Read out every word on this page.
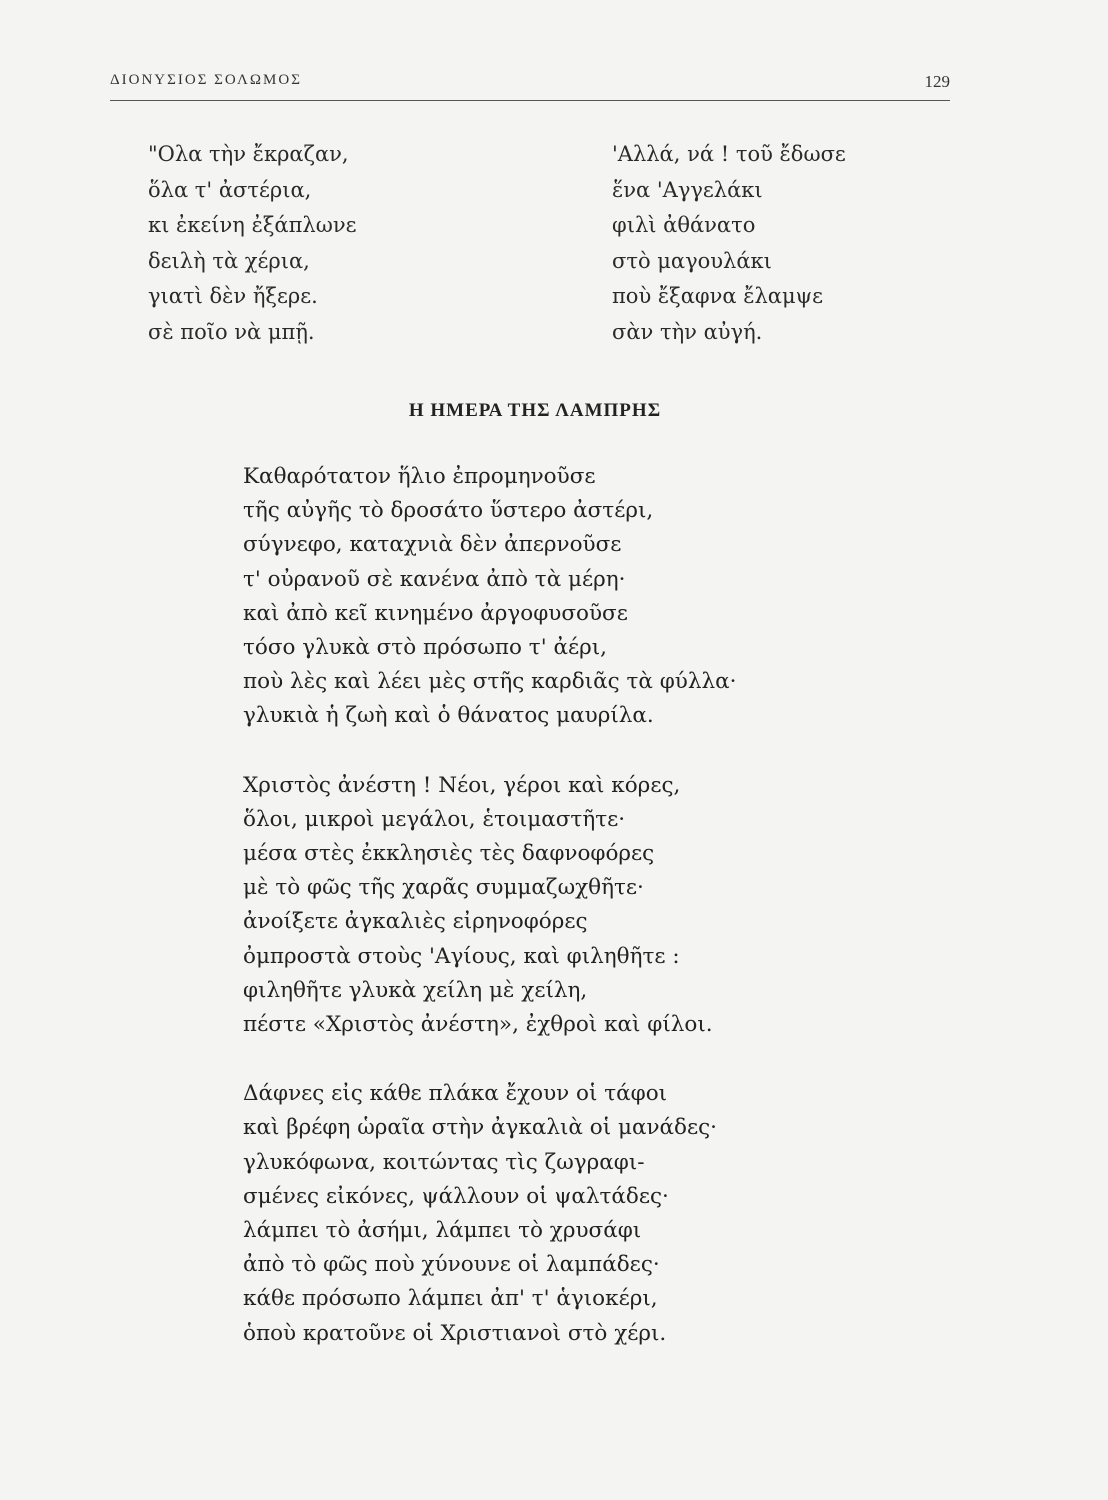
ΔΙΟΝΥΣΙΟΣ ΣΟΛΩΜΟΣ	129
"Ολα τὴν ἔκραζαν,
ὅλα τ' ἀστέρια,
κι ἐκείνη ἐξάπλωνε
δειλὴ τὰ χέρια,
γιατὶ δὲν ἤξερε.
σὲ ποῖο νὰ μπῇ.
'Αλλά, νά ! τοῦ ἔδωσε
ἕνα 'Αγγελάκι
φιλὶ ἀθάνατο
στὸ μαγουλάκι
ποὺ ἔξαφνα ἔλαμψε
σὰν τὴν αὐγή.
Η ΗΜΕΡΑ ΤΗΣ ΛΑΜΠΡΗΣ
Καθαρότατον ἥλιο ἐπρομηνοῦσε
τῆς αὐγῆς τὸ δροσάτο ὕστερο ἀστέρι,
σύγνεφο, καταχνιὰ δὲν ἀπερνοῦσε
τ' οὐρανοῦ σὲ κανένα ἀπὸ τὰ μέρη·
καὶ ἀπὸ κεῖ κινημένο ἀργοφυσοῦσε
τόσο γλυκὰ στὸ πρόσωπο τ' ἀέρι,
ποὺ λὲς καὶ λέει μὲς στῆς καρδιᾶς τὰ φύλλα·
γλυκιὰ ἡ ζωὴ καὶ ὁ θάνατος μαυρίλα.
Χριστὸς ἀνέστη ! Νέοι, γέροι καὶ κόρες,
ὅλοι, μικροὶ μεγάλοι, ἑτοιμαστῆτε·
μέσα στὲς ἐκκλησιὲς τὲς δαφνοφόρες
μὲ τὸ φῶς τῆς χαρᾶς συμμαζωχθῆτε·
ἀνοίξετε ἀγκαλιὲς εἰρηνοφόρες
ὀμπροστὰ στοὺς 'Αγίους, καὶ φιληθῆτε :
φιληθῆτε γλυκὰ χείλη μὲ χείλη,
πέστε «Χριστὸς ἀνέστη», ἐχθροὶ καὶ φίλοι.
Δάφνες εἰς κάθε πλάκα ἔχουν οἱ τάφοι
καὶ βρέφη ὡραῖα στὴν ἀγκαλιὰ οἱ μανάδες·
γλυκόφωνα, κοιτώντας τὶς ζωγραφι-
σμένες εἰκόνες, ψάλλουν οἱ ψαλτάδες·
λάμπει τὸ ἀσήμι, λάμπει τὸ χρυσάφι
ἀπὸ τὸ φῶς ποὺ χύνουνε οἱ λαμπάδες·
κάθε πρόσωπο λάμπει ἀπ' τ' ἁγιοκέρι,
ὁποὺ κρατοῦνε οἱ Χριστιανοὶ στὸ χέρι.
